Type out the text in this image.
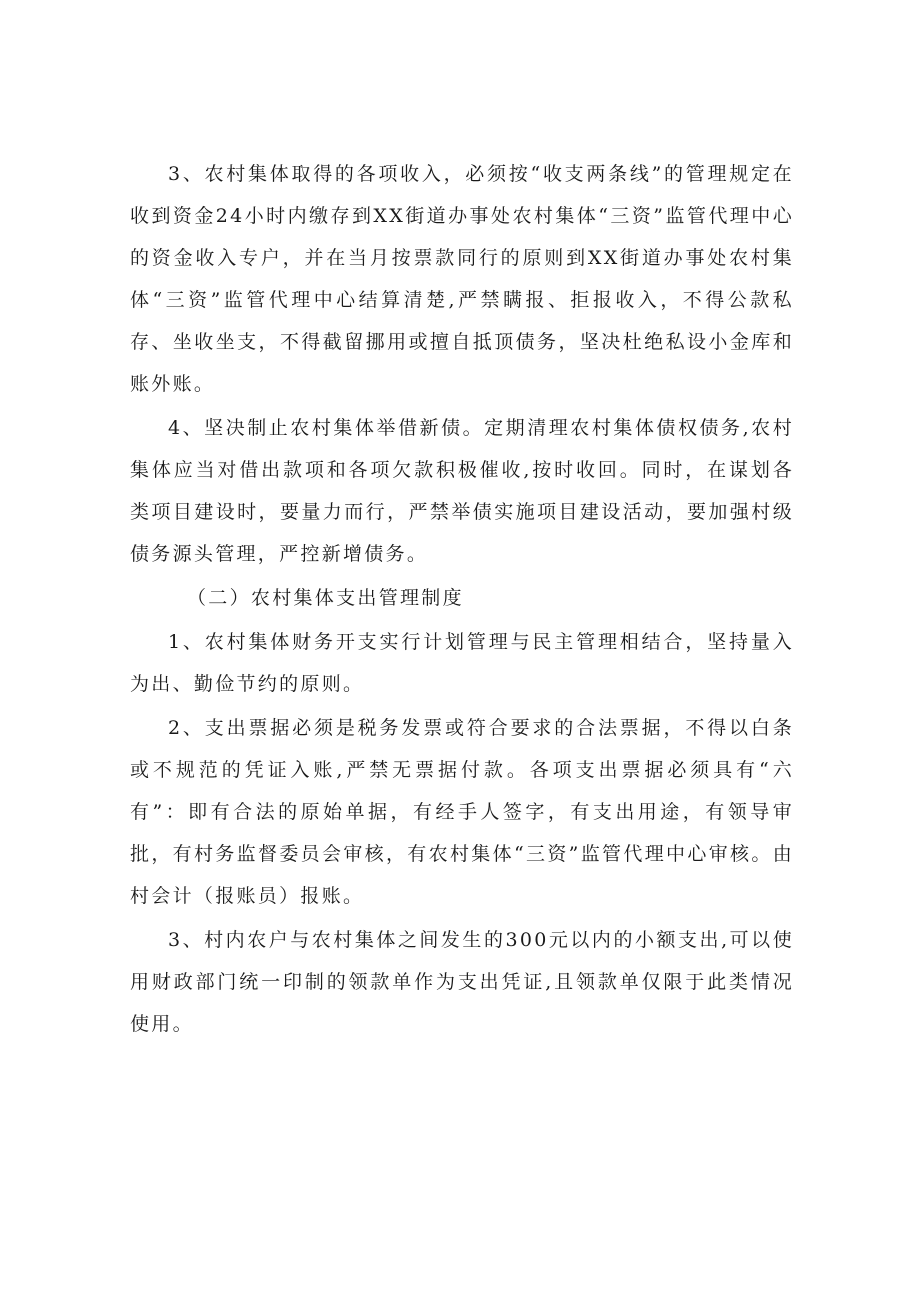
3、农村集体取得的各项收入，必须按“收支两条线”的管理规定在收到资金24小时内缴存到XX街道办事处农村集体“三资”监管代理中心的资金收入专户，并在当月按票款同行的原则到XX街道办事处农村集体“三资”监管代理中心结算清楚,严禁瞒报、拒报收入，不得公款私存、坐收坐支，不得截留挪用或擅自抵顶债务，坚决杜绝私设小金库和账外账。

4、坚决制止农村集体举借新债。定期清理农村集体债权债务,农村集体应当对借出款项和各项欠款积极催收,按时收回。同时，在谋划各类项目建设时，要量力而行，严禁举债实施项目建设活动，要加强村级债务源头管理，严控新增债务。

（二）农村集体支出管理制度

1、农村集体财务开支实行计划管理与民主管理相结合，坚持量入为出、勤俭节约的原则。

2、支出票据必须是税务发票或符合要求的合法票据，不得以白条或不规范的凭证入账,严禁无票据付款。各项支出票据必须具有“六有”：即有合法的原始单据，有经手人签字，有支出用途，有领导审批，有村务监督委员会审核，有农村集体“三资”监管代理中心审核。由村会计（报账员）报账。

3、村内农户与农村集体之间发生的300元以内的小额支出,可以使用财政部门统一印制的领款单作为支出凭证,且领款单仅限于此类情况使用。
